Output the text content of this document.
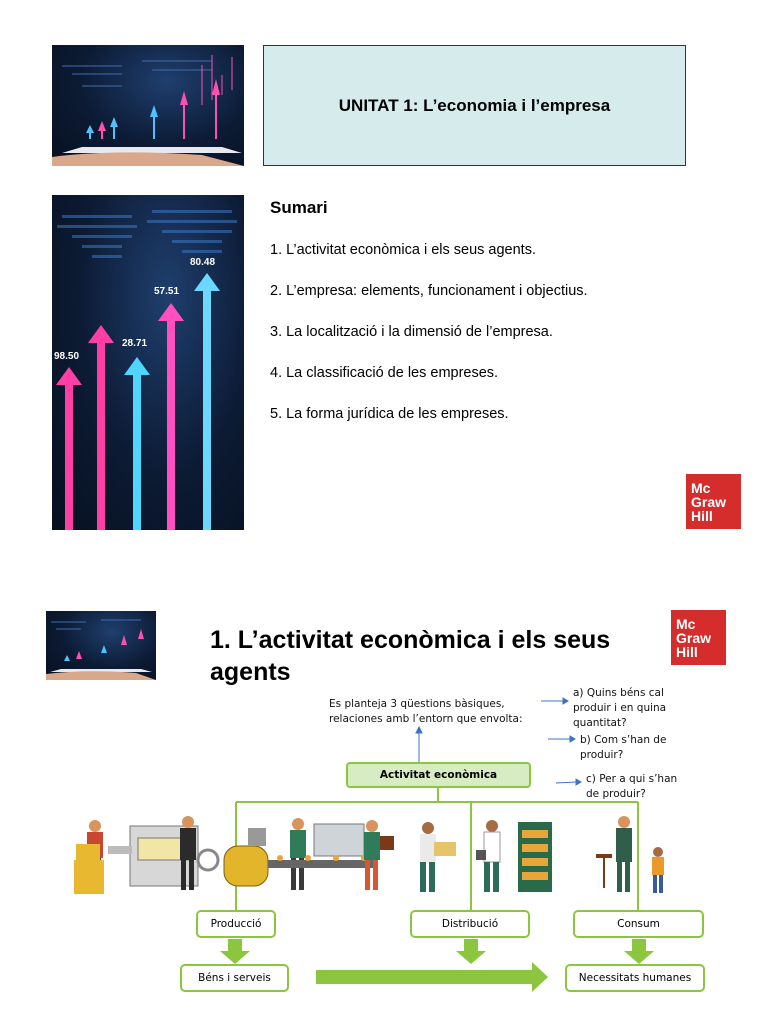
UNITAT 1: L’economia i l’empresa
98.50
28.71
57.51
80.48
Sumari
1. L’activitat econòmica i els seus agents.
2. L’empresa: elements, funcionament i objectius.
3. La localització i la dimensió de l’empresa.
4. La classificació de les empreses.
5. La forma jurídica de les empreses.
Mc
Graw
Hill
1. L’activitat econòmica i els seus agents
Mc
Graw
Hill
Es planteja 3 qüestions bàsiques,
relaciones amb l’entorn que envolta:
a) Quins béns cal
produir i en quina
quantitat?
b) Com s’han de
produir?
c) Per a qui s’han
de produir?
Activitat econòmica
Producció	Distribució	Consum
Béns i serveis	Necessitats humanes
